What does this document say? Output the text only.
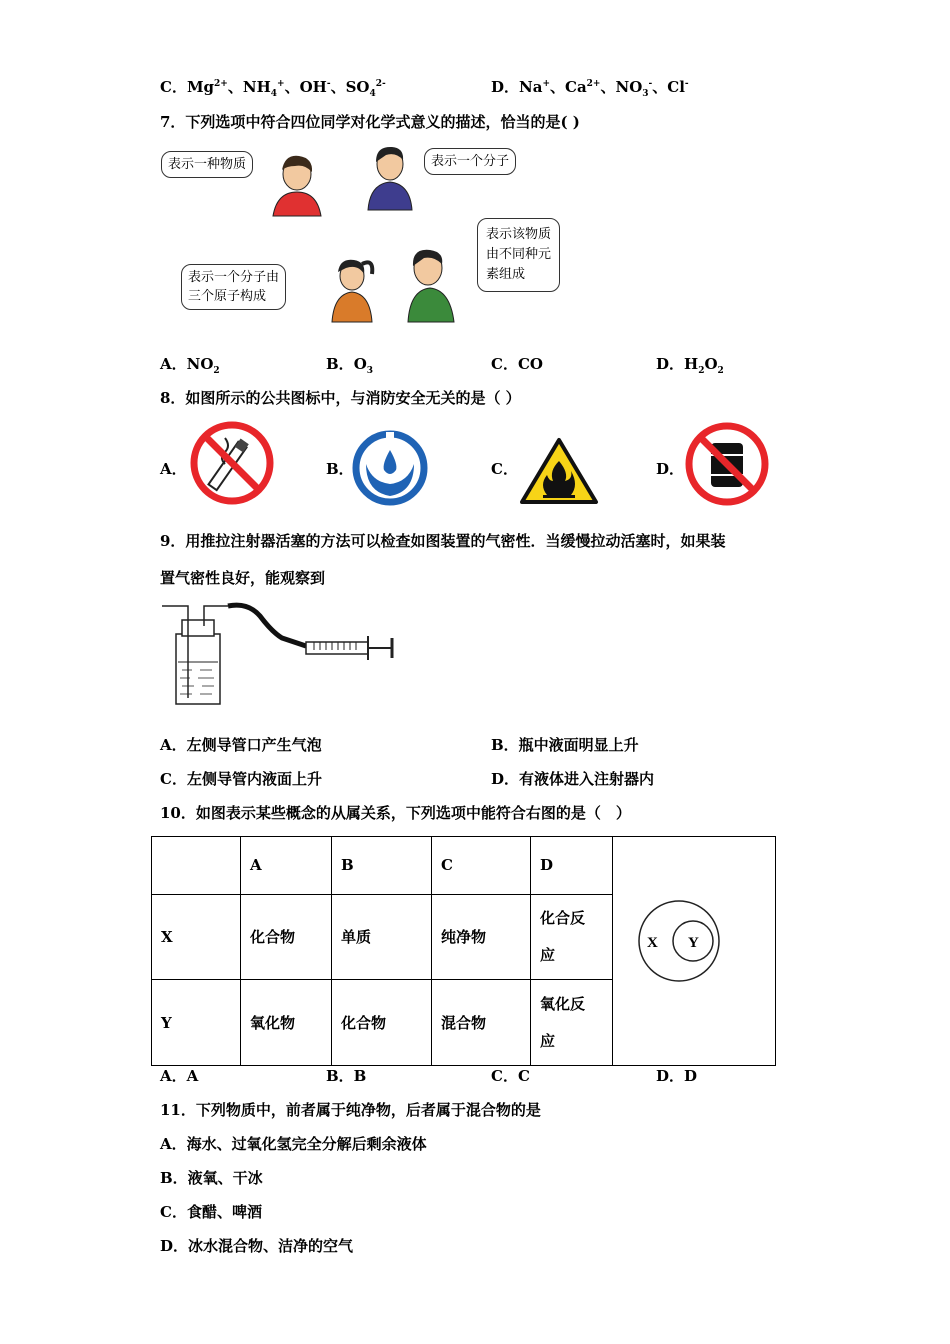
C．$Mg^{2+}$、$NH_4^+$、OH-、$SO_4^{2-}$	D．Na+、$Ca^{2+}$、$NO_3^-$、Cl-
7．下列选项中符合四位同学对化学式意义的描述，恰当的是( )
表示一种物质	表示一个分子
表示一个分子由
三个原子构成
表示该物质
由不同种元
素组成
A．$NO_2$	B．$O_3$	C．CO	D．$H_2O_2$
8．如图所示的公共图标中，与消防安全无关的是（ ）
A．	B．	C．	D．
9．用推拉注射器活塞的方法可以检查如图装置的气密性．当缓慢拉动活塞时，如果装
置气密性良好，能观察到
A．左侧导管口产生气泡	B．瓶中液面明显上升
C．左侧导管内液面上升	D．有液体进入注射器内
10．如图表示某些概念的从属关系，下列选项中能符合右图的是（　）
	A	B	C	D	X Y

X	化合物	单质	纯净物	化合反
应	
Y	氧化物	化合物	混合物	氧化反
应	
A．A	B．B	C．C	D．D
11．下列物质中，前者属于纯净物，后者属于混合物的是
A．海水、过氧化氢完全分解后剩余液体
B．液氧、干冰
C．食醋、啤酒
D．冰水混合物、洁净的空气
